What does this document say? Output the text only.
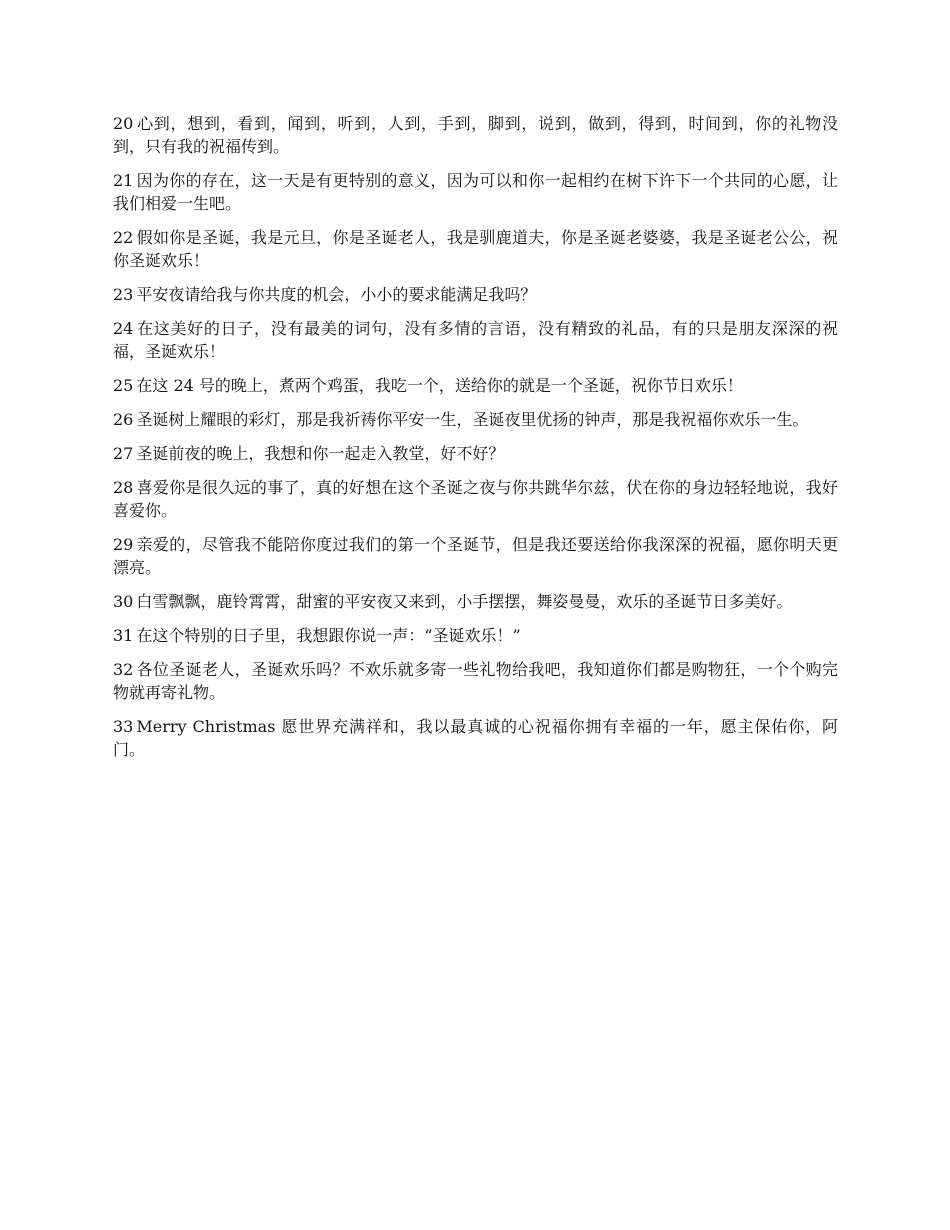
20 心到，想到，看到，闻到，听到，人到，手到，脚到，说到，做到，得到，时间到，你的礼物没到，只有我的祝福传到。

21 因为你的存在，这一天是有更特别的意义，因为可以和你一起相约在树下许下一个共同的心愿，让我们相爱一生吧。

22 假如你是圣诞，我是元旦，你是圣诞老人，我是驯鹿道夫，你是圣诞老婆婆，我是圣诞老公公，祝你圣诞欢乐！

23 平安夜请给我与你共度的机会，小小的要求能满足我吗？

24 在这美好的日子，没有最美的词句，没有多情的言语，没有精致的礼品，有的只是朋友深深的祝福，圣诞欢乐！

25 在这 24 号的晚上，煮两个鸡蛋，我吃一个，送给你的就是一个圣诞，祝你节日欢乐！

26 圣诞树上耀眼的彩灯，那是我祈祷你平安一生，圣诞夜里优扬的钟声，那是我祝福你欢乐一生。

27 圣诞前夜的晚上，我想和你一起走入教堂，好不好？

28 喜爱你是很久远的事了，真的好想在这个圣诞之夜与你共跳华尔兹，伏在你的身边轻轻地说，我好喜爱你。

29 亲爱的，尽管我不能陪你度过我们的第一个圣诞节，但是我还要送给你我深深的祝福，愿你明天更漂亮。

30 白雪飘飘，鹿铃霄霄，甜蜜的平安夜又来到，小手摆摆，舞姿曼曼，欢乐的圣诞节日多美好。

31 在这个特别的日子里，我想跟你说一声：“圣诞欢乐！”

32 各位圣诞老人，圣诞欢乐吗？不欢乐就多寄一些礼物给我吧，我知道你们都是购物狂，一个个购完物就再寄礼物。

33 Merry Christmas 愿世界充满祥和，我以最真诚的心祝福你拥有幸福的一年，愿主保佑你，阿门。
